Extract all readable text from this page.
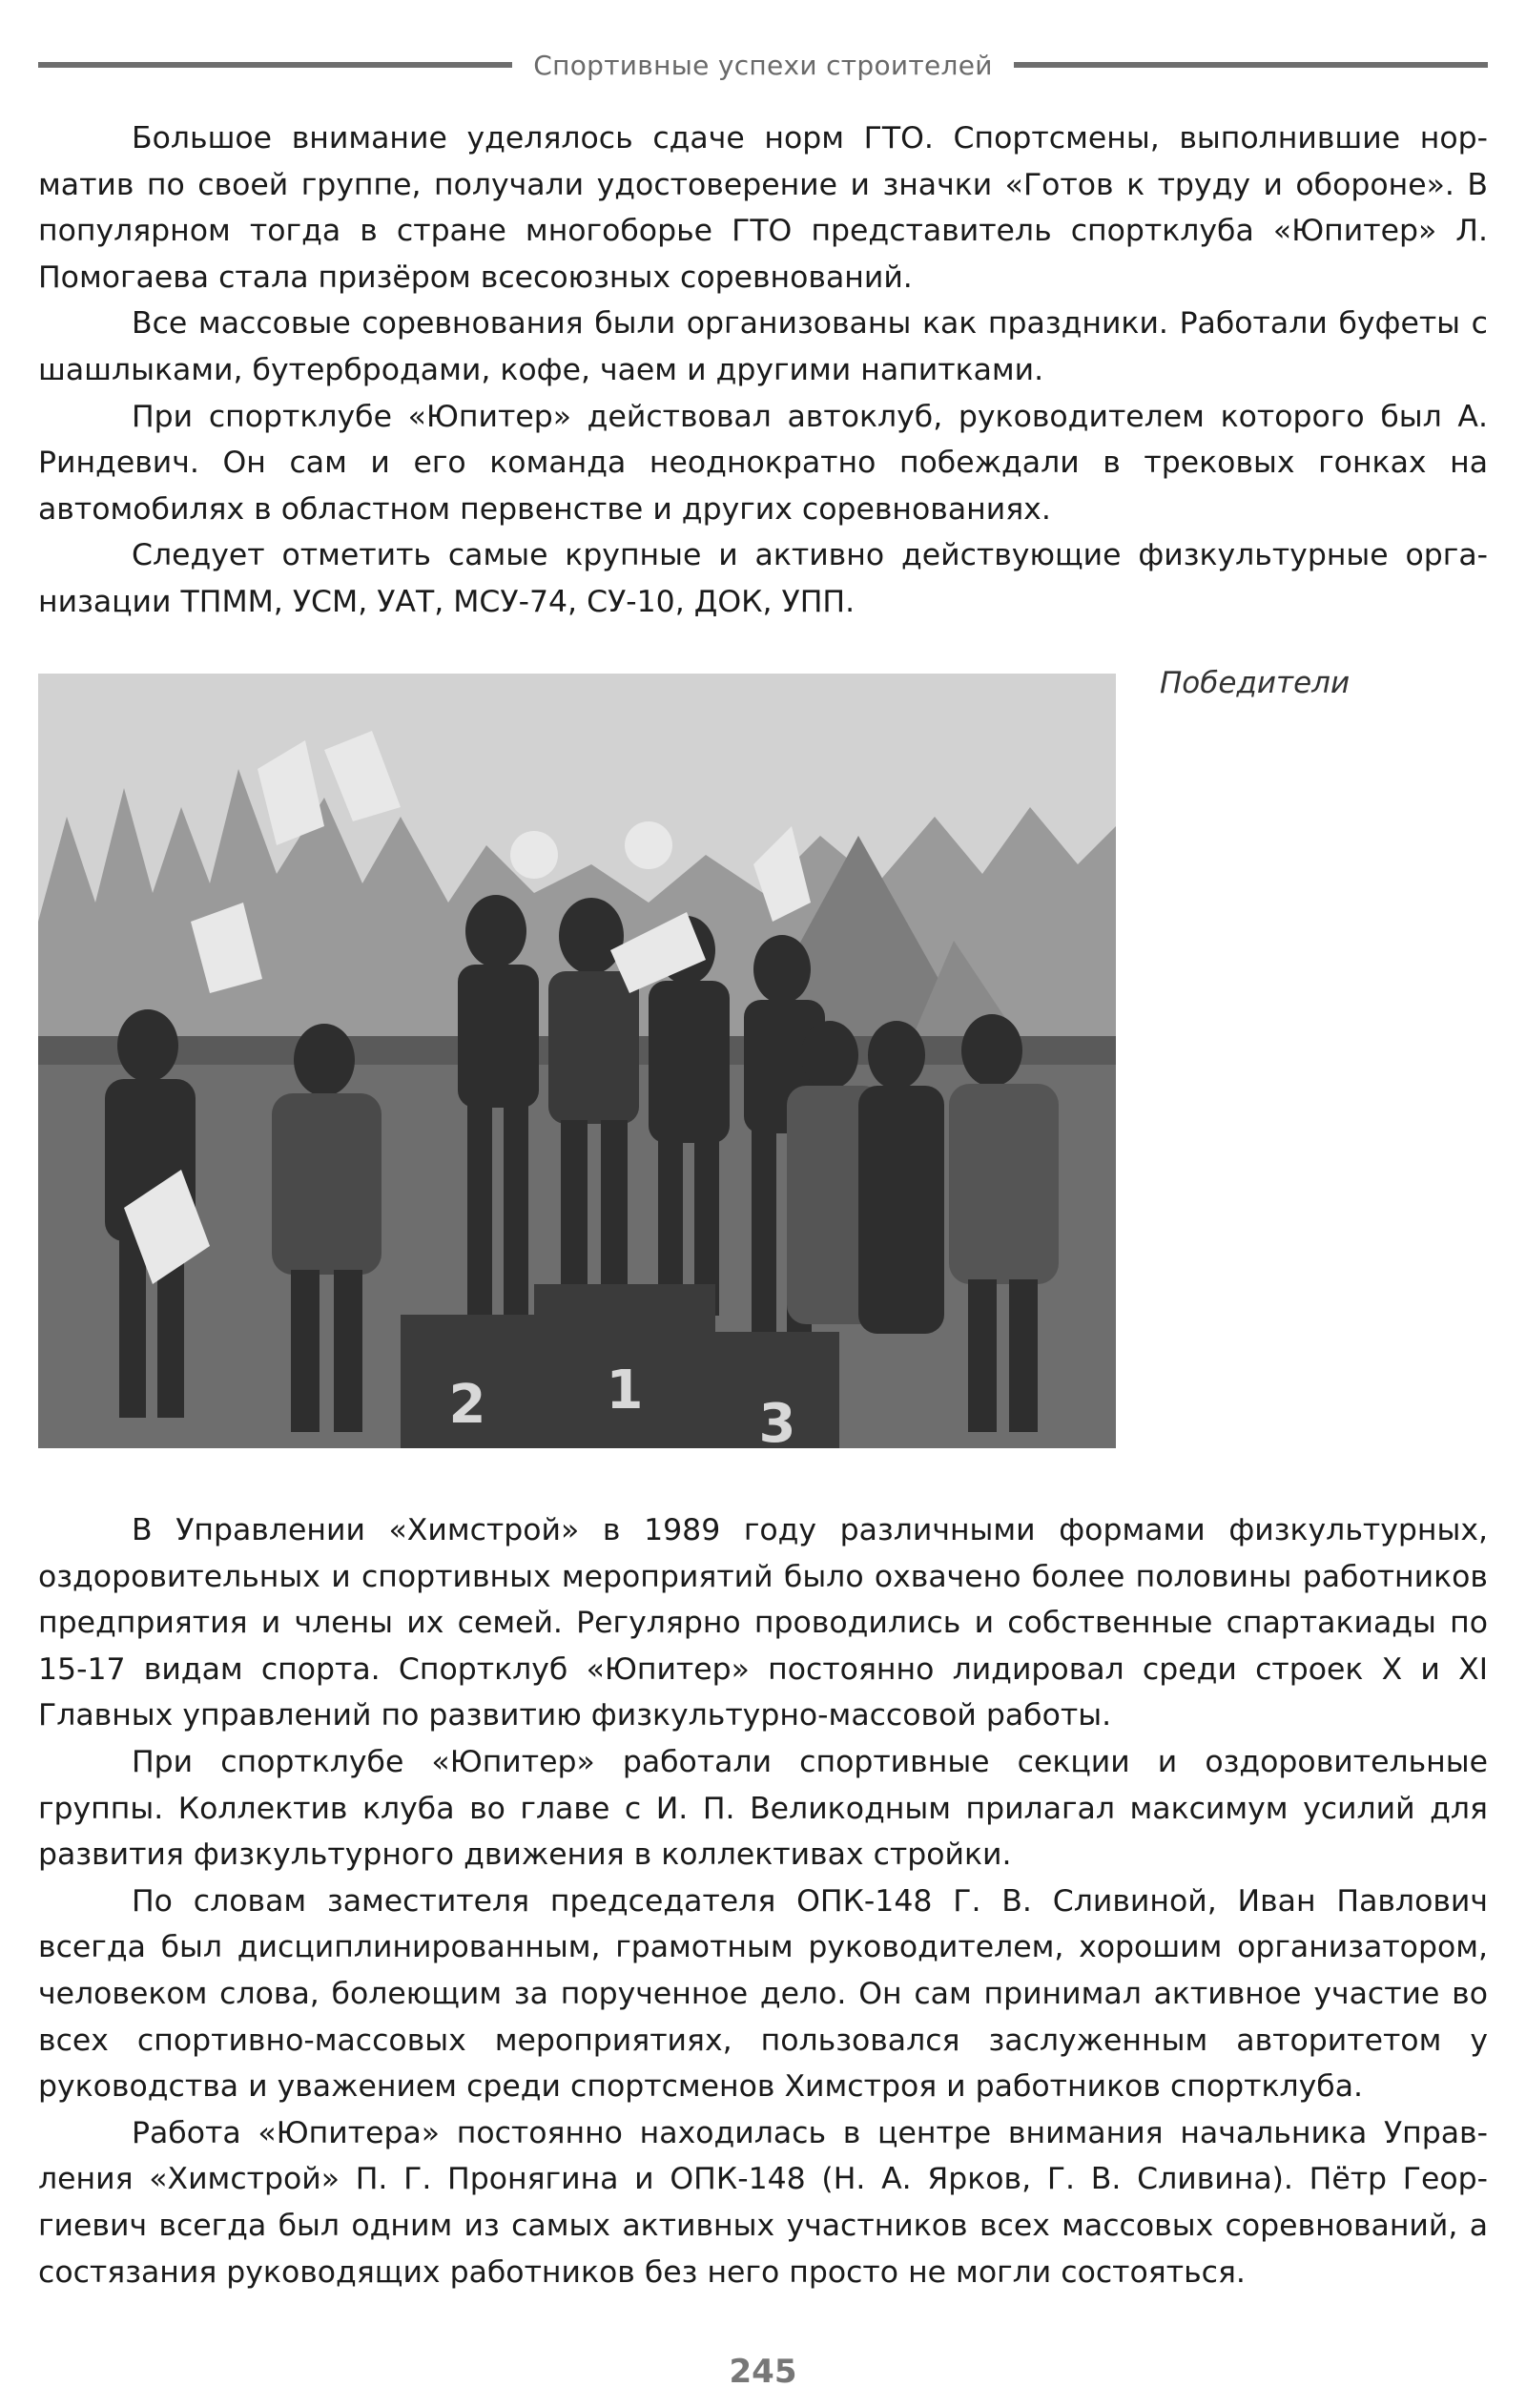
Спортивные успехи строителей

Большое внимание уделялось сдаче норм ГТО. Спортсмены, выполнившие норматив по своей группе, получали удостоверение и значки «Готов к труду и обороне». В популярном тогда в стране многоборье ГТО представитель спортклуба «Юпитер» Л. Помогаева стала призёром всесоюзных соревнований.

Все массовые соревнования были организованы как праздники. Работали буфеты с шашлыками, бутербродами, кофе, чаем и другими напитками.

При спортклубе «Юпитер» действовал автоклуб, руководителем которого был А. Риндевич. Он сам и его команда неоднократно побеждали в трековых гонках на автомобилях в областном первенстве и других соревнованиях.

Следует отметить самые крупные и активно действующие физкультурные организации ТПММ, УСМ, УАТ, МСУ-74, СУ-10, ДОК, УПП.

2 1
3
Победители

В Управлении «Химстрой» в 1989 году различными формами физкультурных, оздоровительных и спортивных мероприятий было охвачено более половины работников предприятия и члены их семей. Регулярно проводились и собственные спартакиады по 15-17 видам спорта. Спортклуб «Юпитер» постоянно лидировал среди строек X и XI Главных управлений по развитию физкультурно-массовой работы.

При спортклубе «Юпитер» работали спортивные секции и оздоровительные группы. Коллектив клуба во главе с И. П. Великодным прилагал максимум усилий для развития физкультурного движения в коллективах стройки.

По словам заместителя председателя ОПК-148 Г. В. Сливиной, Иван Павлович всегда был дисциплинированным, грамотным руководителем, хорошим организатором, человеком слова, болеющим за порученное дело. Он сам принимал активное участие во всех спортивно-массовых мероприятиях, пользовался заслуженным авторитетом у руководства и уважением среди спортсменов Химстроя и работников спортклуба.

Работа «Юпитера» постоянно находилась в центре внимания начальника Управления «Химстрой» П. Г. Пронягина и ОПК-148 (Н. А. Ярков, Г. В. Сливина). Пётр Георгиевич всегда был одним из самых активных участников всех массовых соревнований, а состязания руководящих работников без него просто не могли состояться.

245
